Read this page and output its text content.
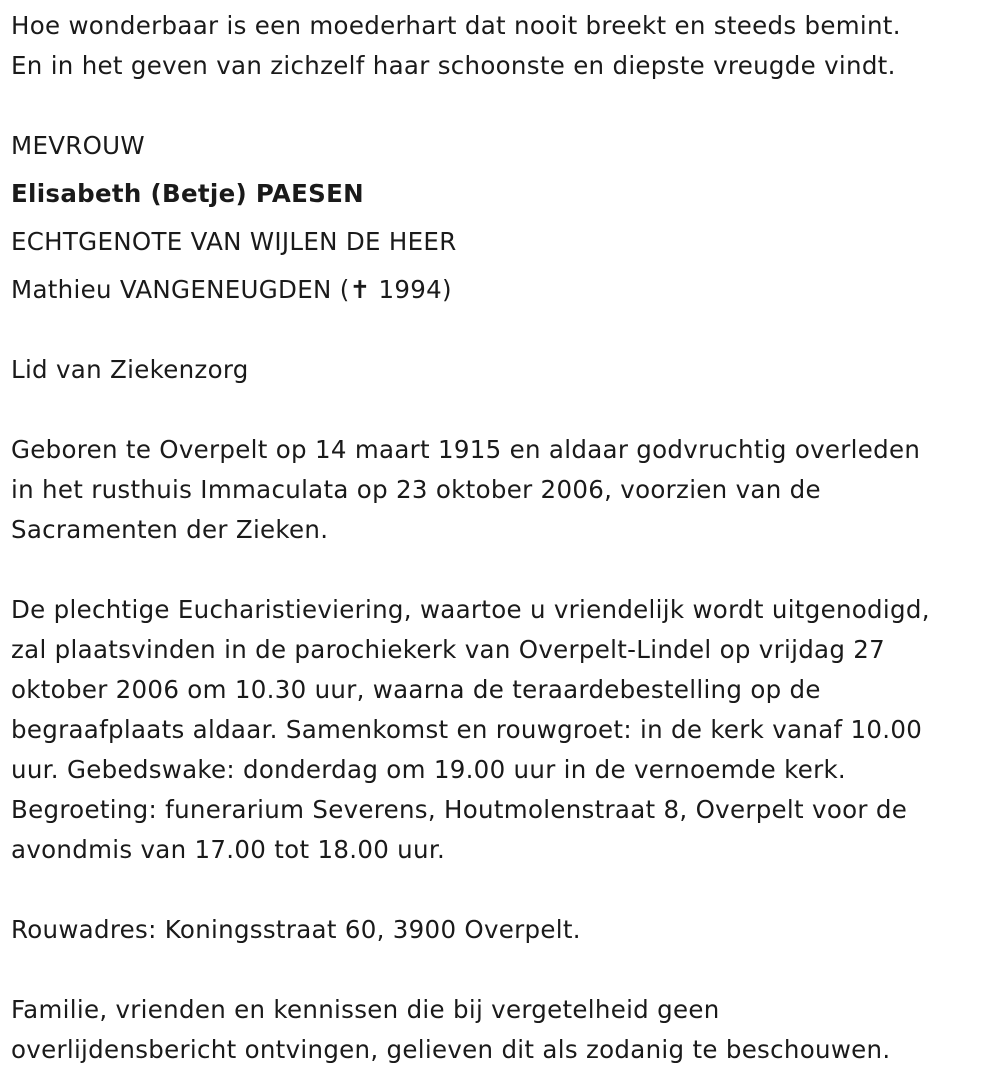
Hoe wonderbaar is een moederhart dat nooit breekt en steeds bemint.
En in het geven van zichzelf haar schoonste en diepste vreugde vindt.
MEVROUW
Elisabeth (Betje) PAESEN
ECHTGENOTE VAN WIJLEN DE HEER
Mathieu VANGENEUGDEN (✝ 1994)
Lid van Ziekenzorg
Geboren te Overpelt op 14 maart 1915 en aldaar godvruchtig overleden
in het rusthuis Immaculata op 23 oktober 2006, voorzien van de
Sacramenten der Zieken.
De plechtige Eucharistieviering, waartoe u vriendelijk wordt uitgenodigd,
zal plaatsvinden in de parochiekerk van Overpelt-Lindel op vrijdag 27
oktober 2006 om 10.30 uur, waarna de teraardebestelling op de
begraafplaats aldaar. Samenkomst en rouwgroet: in de kerk vanaf 10.00
uur. Gebedswake: donderdag om 19.00 uur in de vernoemde kerk.
Begroeting: funerarium Severens, Houtmolenstraat 8, Overpelt voor de
avondmis van 17.00 tot 18.00 uur.
Rouwadres: Koningsstraat 60, 3900 Overpelt.
Familie, vrienden en kennissen die bij vergetelheid geen
overlijdensbericht ontvingen, gelieven dit als zodanig te beschouwen.
